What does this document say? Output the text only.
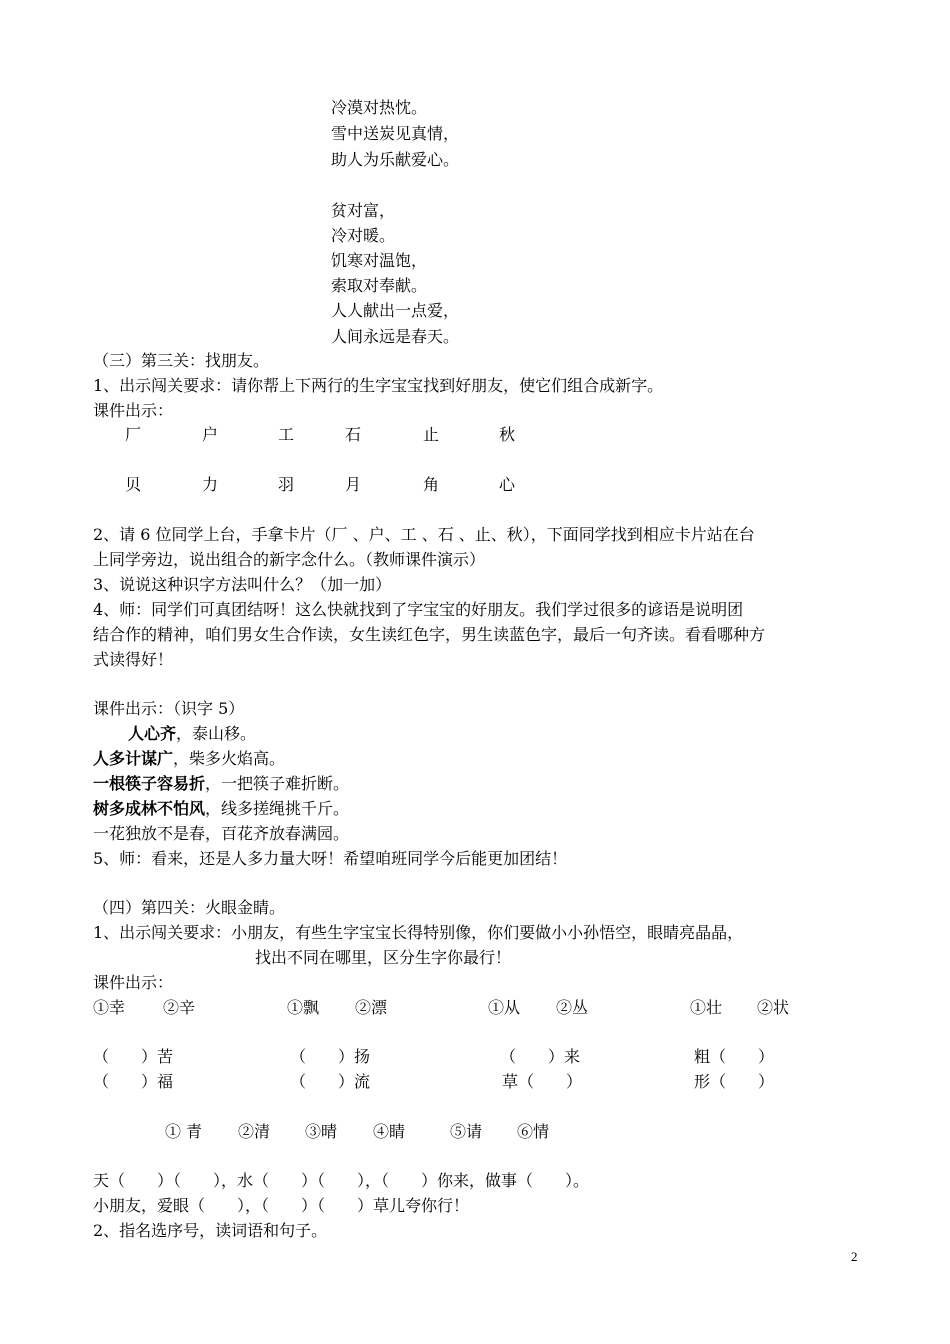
冷漠对热忱。
雪中送炭见真情，
助人为乐献爱心。
贫对富，
冷对暖。
饥寒对温饱，
索取对奉献。
人人献出一点爱，
人间永远是春天。
（三）第三关：找朋友。
1、出示闯关要求：请你帮上下两行的生字宝宝找到好朋友，使它们组合成新字。
课件出示：
厂	户	工	石	止	秋
贝	力	羽	月	角	心
2、请 6 位同学上台，手拿卡片（厂 、户、工 、石 、止、秋），下面同学找到相应卡片站在台
上同学旁边，说出组合的新字念什么。（教师课件演示）
3、说说这种识字方法叫什么？（加一加）
4、师：同学们可真团结呀！这么快就找到了字宝宝的好朋友。我们学过很多的谚语是说明团
结合作的精神，咱们男女生合作读，女生读红色字，男生读蓝色字，最后一句齐读。看看哪种方
式读得好！
课件出示：（识字 5）
人心齐，泰山移。
人多计谋广，柴多火焰高。
一根筷子容易折，一把筷子难折断。
树多成林不怕风，线多搓绳挑千斤。
一花独放不是春，百花齐放春满园。
5、师：看来，还是人多力量大呀！希望咱班同学今后能更加团结！
（四）第四关：火眼金睛。
1、出示闯关要求：小朋友，有些生字宝宝长得特别像，你们要做小小孙悟空，眼睛亮晶晶，
找出不同在哪里，区分生字你最行！
课件出示：
①幸 ②辛	①飘 ②漂	①从 ②丛	①壮 ②状
（　　）苦	（　　）扬	（　　）来	粗（　　）
（　　）福	（　　）流	草（　　）	形（　　）
① 青 ②清 ③晴 ④睛	⑤请 ⑥情
天（　　）（　　），水（　　）（　　），（　　）你来，做事（　　）。
小朋友，爱眼（　　），（　　）（　　）草儿夸你行！
2、指名选序号，读词语和句子。
2
